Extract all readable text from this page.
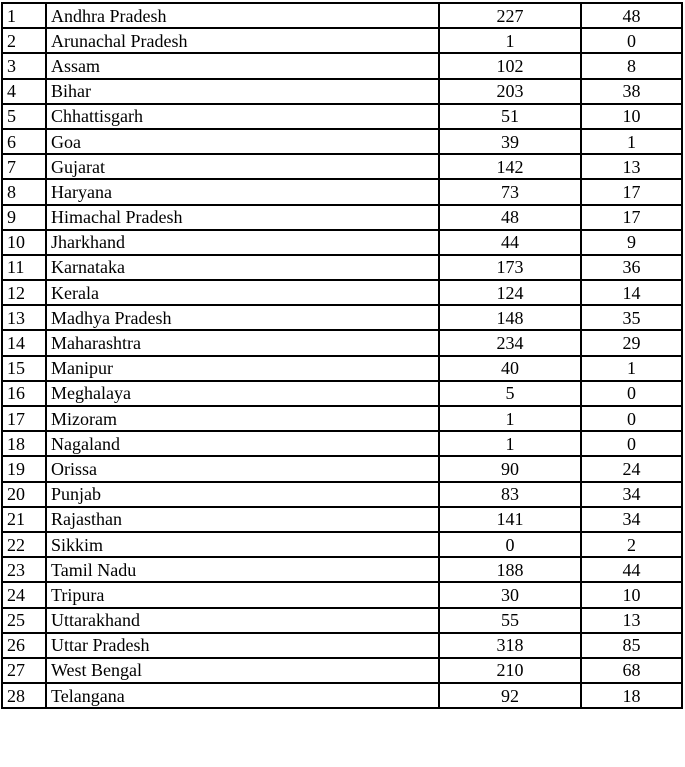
1	Andhra Pradesh	227	48
2	Arunachal Pradesh	1	0
3	Assam	102	8
4	Bihar	203	38
5	Chhattisgarh	51	10
6	Goa	39	1
7	Gujarat	142	13
8	Haryana	73	17
9	Himachal Pradesh	48	17
10	Jharkhand	44	9
11	Karnataka	173	36
12	Kerala	124	14
13	Madhya Pradesh	148	35
14	Maharashtra	234	29
15	Manipur	40	1
16	Meghalaya	5	0
17	Mizoram	1	0
18	Nagaland	1	0
19	Orissa	90	24
20	Punjab	83	34
21	Rajasthan	141	34
22	Sikkim	0	2
23	Tamil Nadu	188	44
24	Tripura	30	10
25	Uttarakhand	55	13
26	Uttar Pradesh	318	85
27	West Bengal	210	68
28	Telangana	92	18
